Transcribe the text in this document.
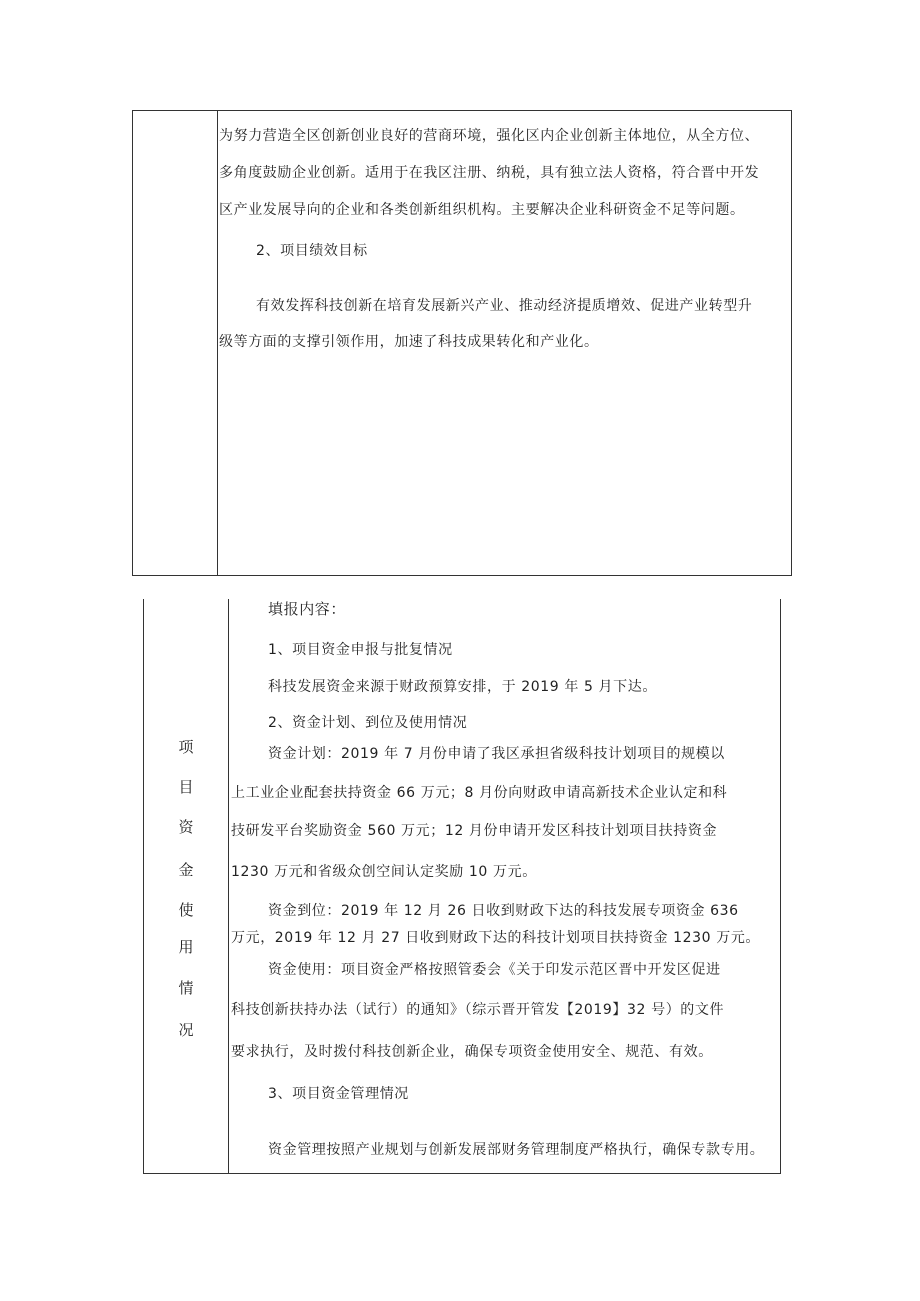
为努力营造全区创新创业良好的营商环境，强化区内企业创新主体地位，从全方位、
多角度鼓励企业创新。适用于在我区注册、纳税，具有独立法人资格，符合晋中开发
区产业发展导向的企业和各类创新组织机构。主要解决企业科研资金不足等问题。
2、项目绩效目标
有效发挥科技创新在培育发展新兴产业、推动经济提质增效、促进产业转型升
级等方面的支撑引领作用，加速了科技成果转化和产业化。
项
目
资
金
使
用
情
况
填报内容：
1、项目资金申报与批复情况
科技发展资金来源于财政预算安排，于 2019 年 5 月下达。
2、资金计划、到位及使用情况
资金计划：2019 年 7 月份申请了我区承担省级科技计划项目的规模以
上工业企业配套扶持资金 66 万元；8 月份向财政申请高新技术企业认定和科
技研发平台奖励资金 560 万元；12 月份申请开发区科技计划项目扶持资金
1230 万元和省级众创空间认定奖励 10 万元。
资金到位：2019 年 12 月 26 日收到财政下达的科技发展专项资金 636
万元，2019 年 12 月 27 日收到财政下达的科技计划项目扶持资金 1230 万元。
资金使用：项目资金严格按照管委会《关于印发示范区晋中开发区促进
科技创新扶持办法（试行）的通知》（综示晋开管发【2019】32 号）的文件
要求执行，及时拨付科技创新企业，确保专项资金使用安全、规范、有效。
3、项目资金管理情况
资金管理按照产业规划与创新发展部财务管理制度严格执行，确保专款专用。
